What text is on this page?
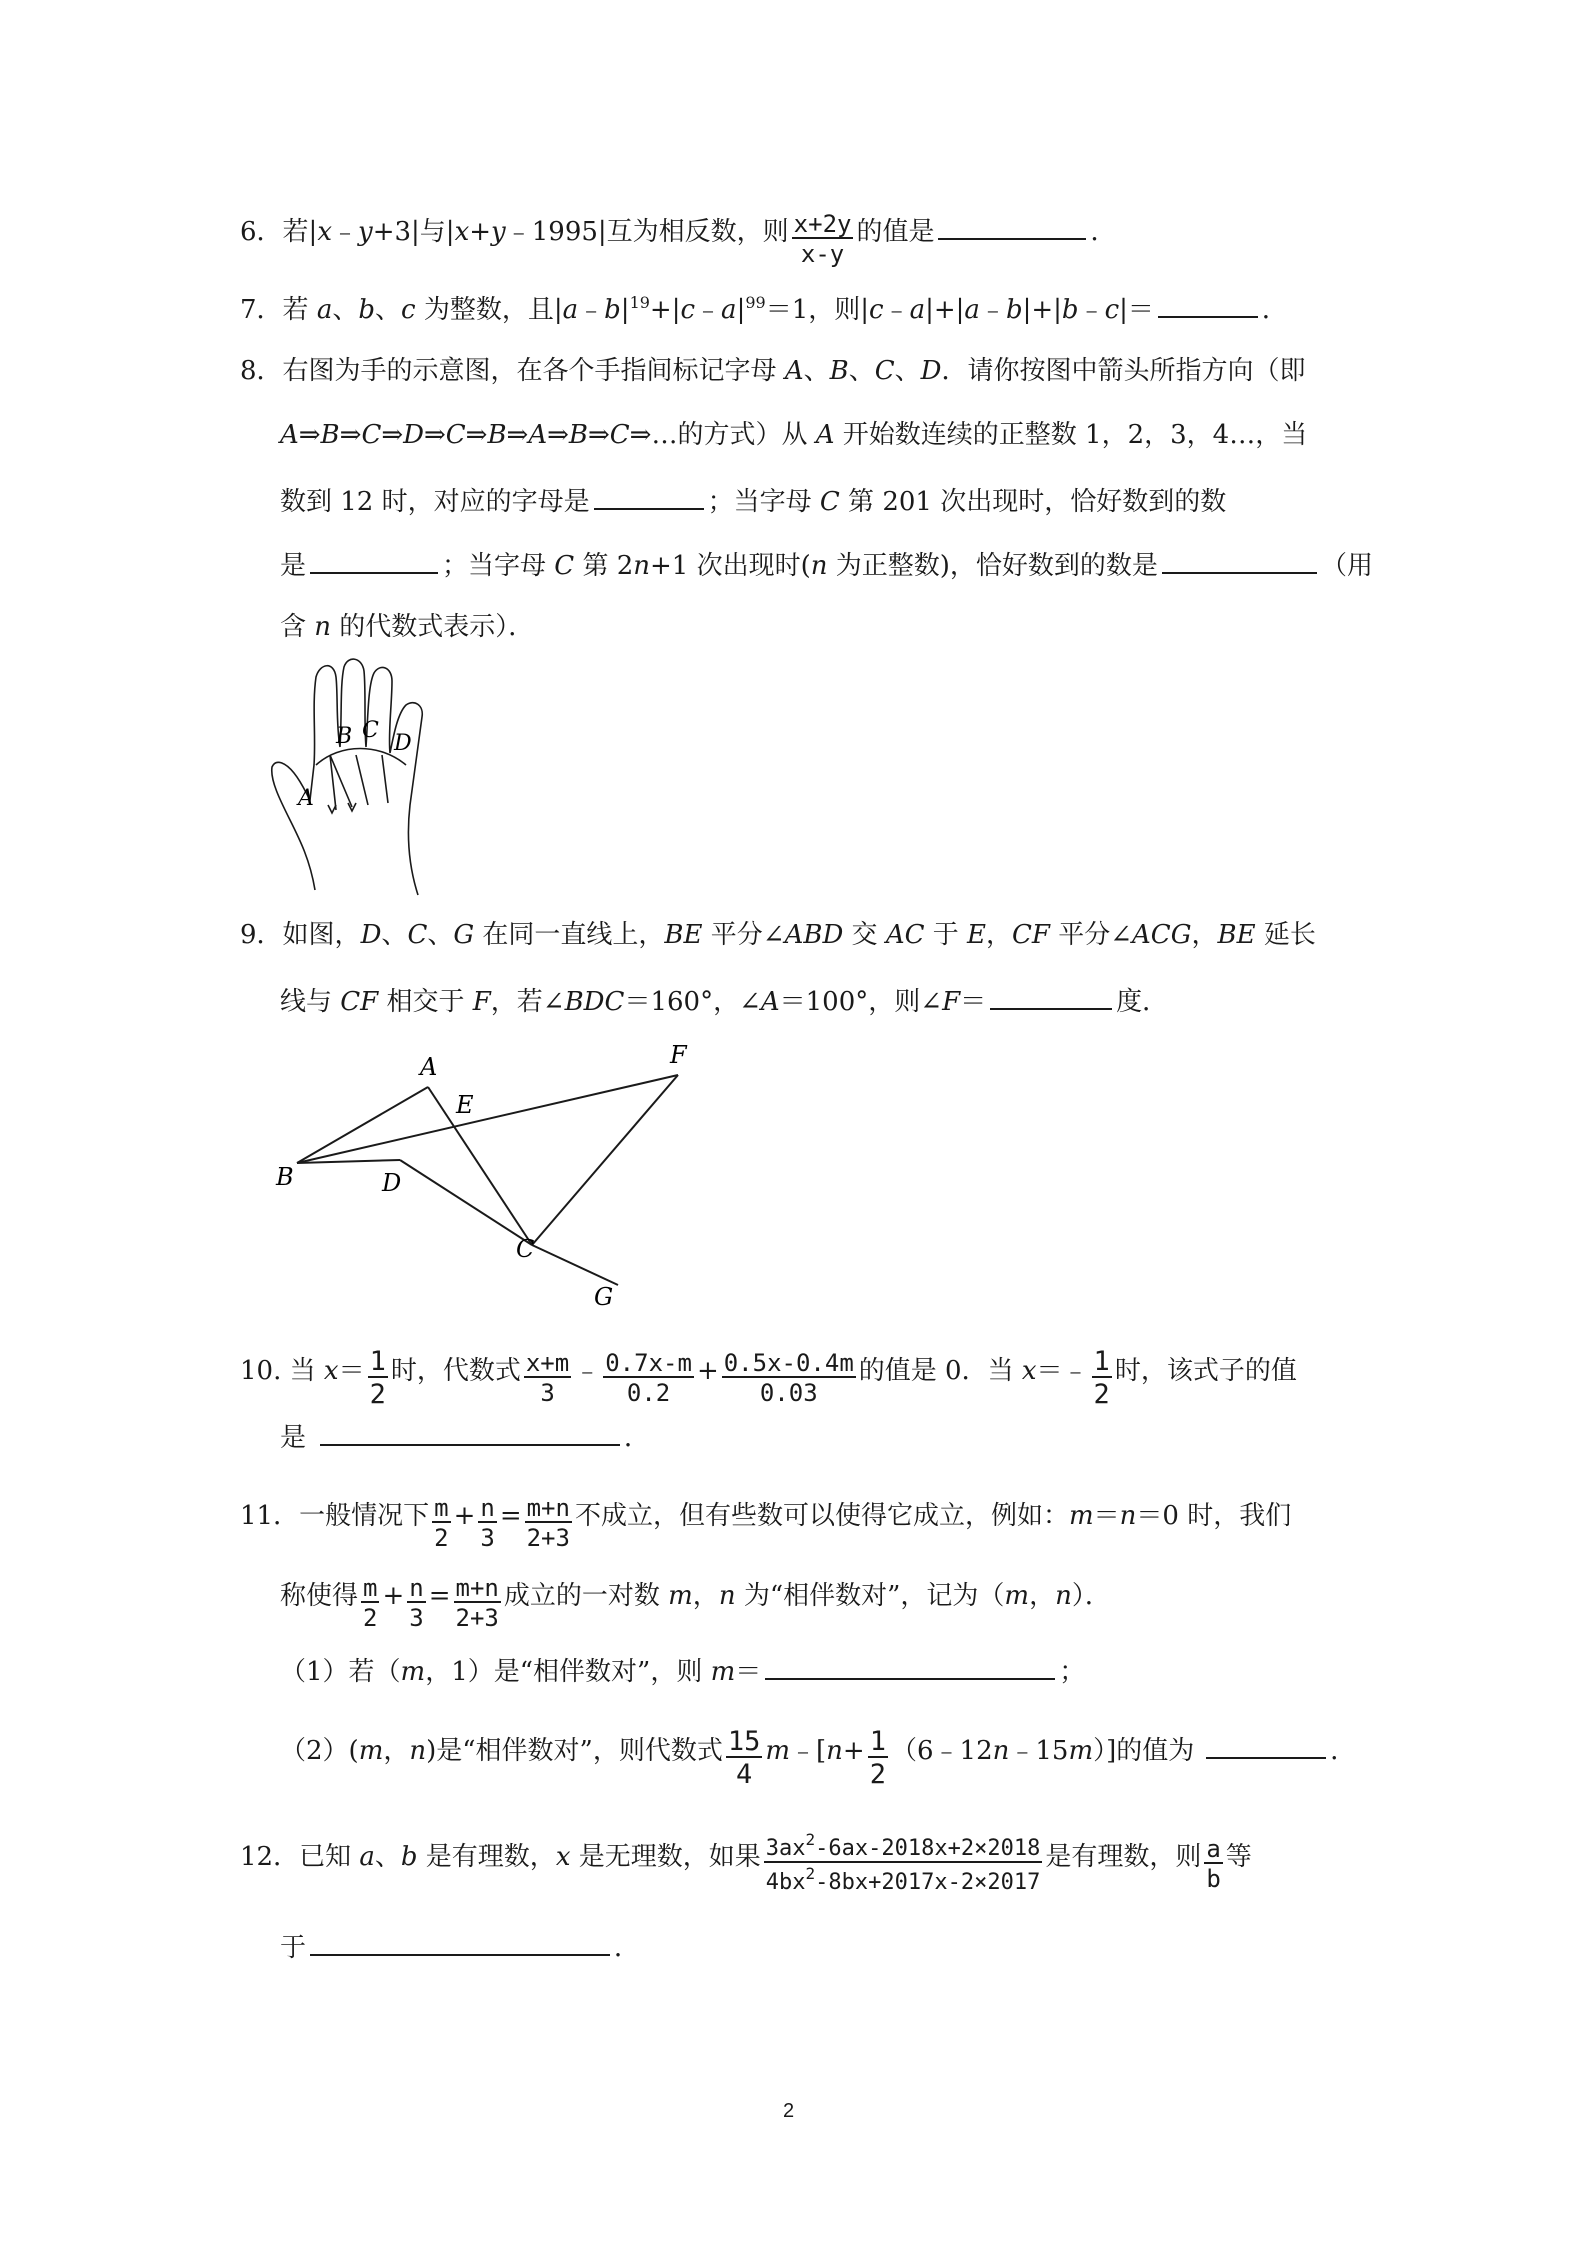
6．若|x﹣y+3|与|x+y﹣1995|互为相反数，则 $\frac{x+2y}{x-y}$ 的值是	．
7．若 a、b、c 为整数，且$|a﹣b|^{19}+|c﹣a|^{99}=1$，则|c﹣a|+|a﹣b|+|b﹣c|＝	．
8．右图为手的示意图，在各个手指间标记字母 A、B、C、D．请你按图中箭头所指方向（即
A⇒B⇒C⇒D⇒C⇒B⇒A⇒B⇒C⇒…的方式）从 A 开始数连续的正整数 1，2，3，4…，当
数到 12 时，对应的字母是	；当字母 C 第 201 次出现时，恰好数到的数
是	；当字母 C 第 2n+1 次出现时(n 为正整数)，恰好数到的数是	（用
含 n 的代数式表示）．
A
B C
D
9．如图，D、C、G 在同一直线上，BE 平分∠ABD 交 AC 于 E，CF 平分∠ACG，BE 延长
线与 CF 相交于 F，若∠BDC＝160°，∠A＝100°，则∠F＝	度．
A
E
F
B	D
C
G
10. 当 $x= \frac{1}{2}$ 时，代数式 $\frac{x+m}{3}$ ﹣ $\frac{0.7x-m}{0.2} + \frac{0.5x-0.4m}{0.03}$ 的值是 0．当 x＝﹣ $\frac{1}{2}$ 时，该式子的值
是	．
11．一般情况下 $\frac{m}{2} + \frac{n}{3} = \frac{m+n}{2+3}$ 不成立，但有些数可以使得它成立，例如：m＝n＝0 时，我们
称使得 $\frac{m}{2} + \frac{n}{3} = \frac{m+n}{2+3}$ 成立的一对数 m，n 为“相伴数对”，记为（m，n）．
（1）若（m，1）是“相伴数对”，则 m＝	；
（2）(m，n)是“相伴数对”，则代数式 $\frac{15}{4}$ m﹣[n+ $\frac{1}{2}$ （6﹣12n﹣15m）]的值为	．
12．已知 a、b 是有理数，x 是无理数，如果 $\frac{3ax^2-6ax-2018x+2\times 2018}{4bx^2-8bx+2017x-2\times 2017}$ 是有理数，则 $\frac{a}{b}$ 等
于	．
2
